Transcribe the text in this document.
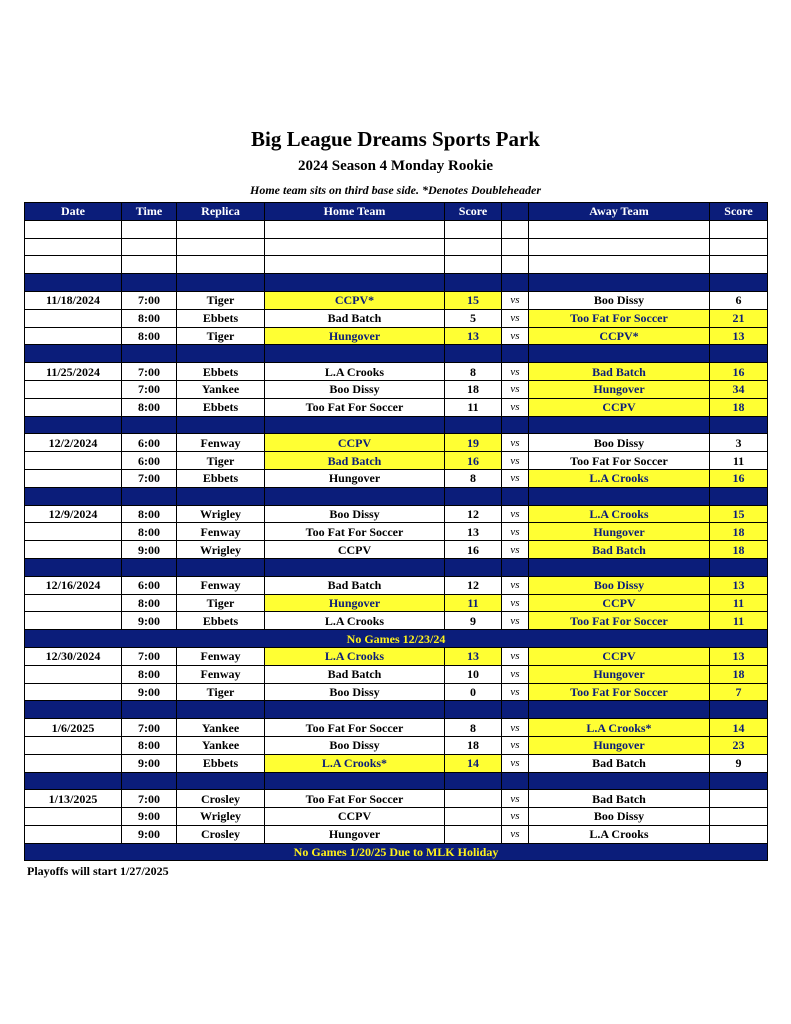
Big League Dreams Sports Park
2024 Season 4 Monday Rookie
Home team sits on third base side. *Denotes Doubleheader
Date	Time	Replica	Home Team	Score		Away Team	Score

11/18/2024	7:00	Tiger	CCPV*	15	vs	Boo Dissy	6
	8:00	Ebbets	Bad Batch	5	vs	Too Fat For Soccer	21
	8:00	Tiger	Hungover	13	vs	CCPV*	13

11/25/2024	7:00	Ebbets	L.A Crooks	8	vs	Bad Batch	16
	7:00	Yankee	Boo Dissy	18	vs	Hungover	34
	8:00	Ebbets	Too Fat For Soccer	11	vs	CCPV	18

12/2/2024	6:00	Fenway	CCPV	19	vs	Boo Dissy	3
	6:00	Tiger	Bad Batch	16	vs	Too Fat For Soccer	11
	7:00	Ebbets	Hungover	8	vs	L.A Crooks	16

12/9/2024	8:00	Wrigley	Boo Dissy	12	vs	L.A Crooks	15
	8:00	Fenway	Too Fat For Soccer	13	vs	Hungover	18
	9:00	Wrigley	CCPV	16	vs	Bad Batch	18

12/16/2024	6:00	Fenway	Bad Batch	12	vs	Boo Dissy	13
	8:00	Tiger	Hungover	11	vs	CCPV	11
	9:00	Ebbets	L.A Crooks	9	vs	Too Fat For Soccer	11
No Games 12/23/24							
12/30/2024	7:00	Fenway	L.A Crooks	13	vs	CCPV	13
	8:00	Fenway	Bad Batch	10	vs	Hungover	18
	9:00	Tiger	Boo Dissy	0	vs	Too Fat For Soccer	7

1/6/2025	7:00	Yankee	Too Fat For Soccer	8	vs	L.A Crooks*	14
	8:00	Yankee	Boo Dissy	18	vs	Hungover	23
	9:00	Ebbets	L.A Crooks*	14	vs	Bad Batch	9

1/13/2025	7:00	Crosley	Too Fat For Soccer		vs	Bad Batch	
	9:00	Wrigley	CCPV		vs	Boo Dissy	
	9:00	Crosley	Hungover		vs	L.A Crooks	
No Games 1/20/25 Due to MLK Holiday							
Playoffs will start 1/27/2025
